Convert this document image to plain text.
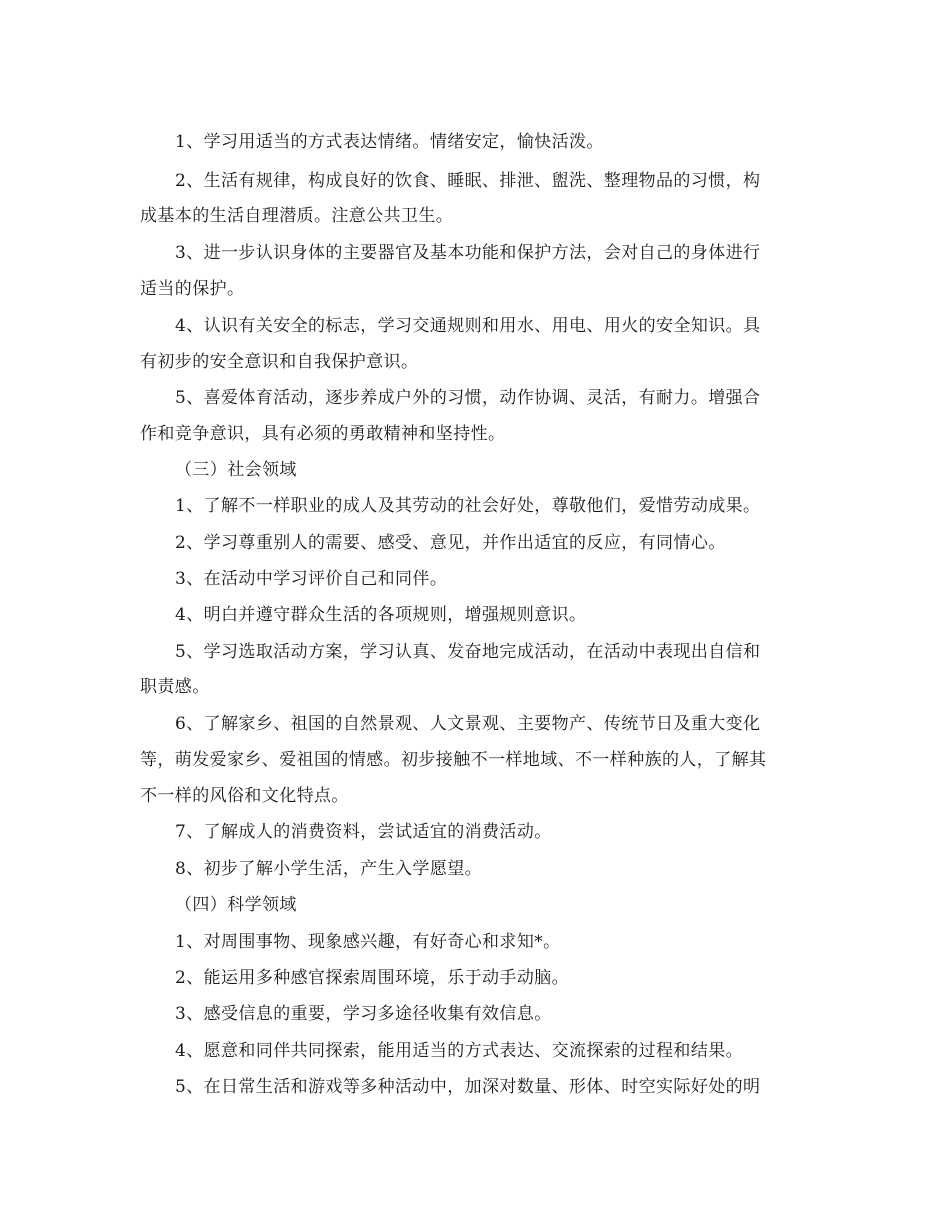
1、学习用适当的方式表达情绪。情绪安定，愉快活泼。
2、生活有规律，构成良好的饮食、睡眠、排泄、盥洗、整理物品的习惯，构
成基本的生活自理潜质。注意公共卫生。
3、进一步认识身体的主要器官及基本功能和保护方法，会对自己的身体进行
适当的保护。
4、认识有关安全的标志，学习交通规则和用水、用电、用火的安全知识。具
有初步的安全意识和自我保护意识。
5、喜爱体育活动，逐步养成户外的习惯，动作协调、灵活，有耐力。增强合
作和竞争意识，具有必须的勇敢精神和坚持性。
（三）社会领域
1、了解不一样职业的成人及其劳动的社会好处，尊敬他们，爱惜劳动成果。
2、学习尊重别人的需要、感受、意见，并作出适宜的反应，有同情心。
3、在活动中学习评价自己和同伴。
4、明白并遵守群众生活的各项规则，增强规则意识。
5、学习选取活动方案，学习认真、发奋地完成活动，在活动中表现出自信和
职责感。
6、了解家乡、祖国的自然景观、人文景观、主要物产、传统节日及重大变化
等，萌发爱家乡、爱祖国的情感。初步接触不一样地域、不一样种族的人，了解其
不一样的风俗和文化特点。
7、了解成人的消费资料，尝试适宜的消费活动。
8、初步了解小学生活，产生入学愿望。
（四）科学领域
1、对周围事物、现象感兴趣，有好奇心和求知*。
2、能运用多种感官探索周围环境，乐于动手动脑。
3、感受信息的重要，学习多途径收集有效信息。
4、愿意和同伴共同探索，能用适当的方式表达、交流探索的过程和结果。
5、在日常生活和游戏等多种活动中，加深对数量、形体、时空实际好处的明
